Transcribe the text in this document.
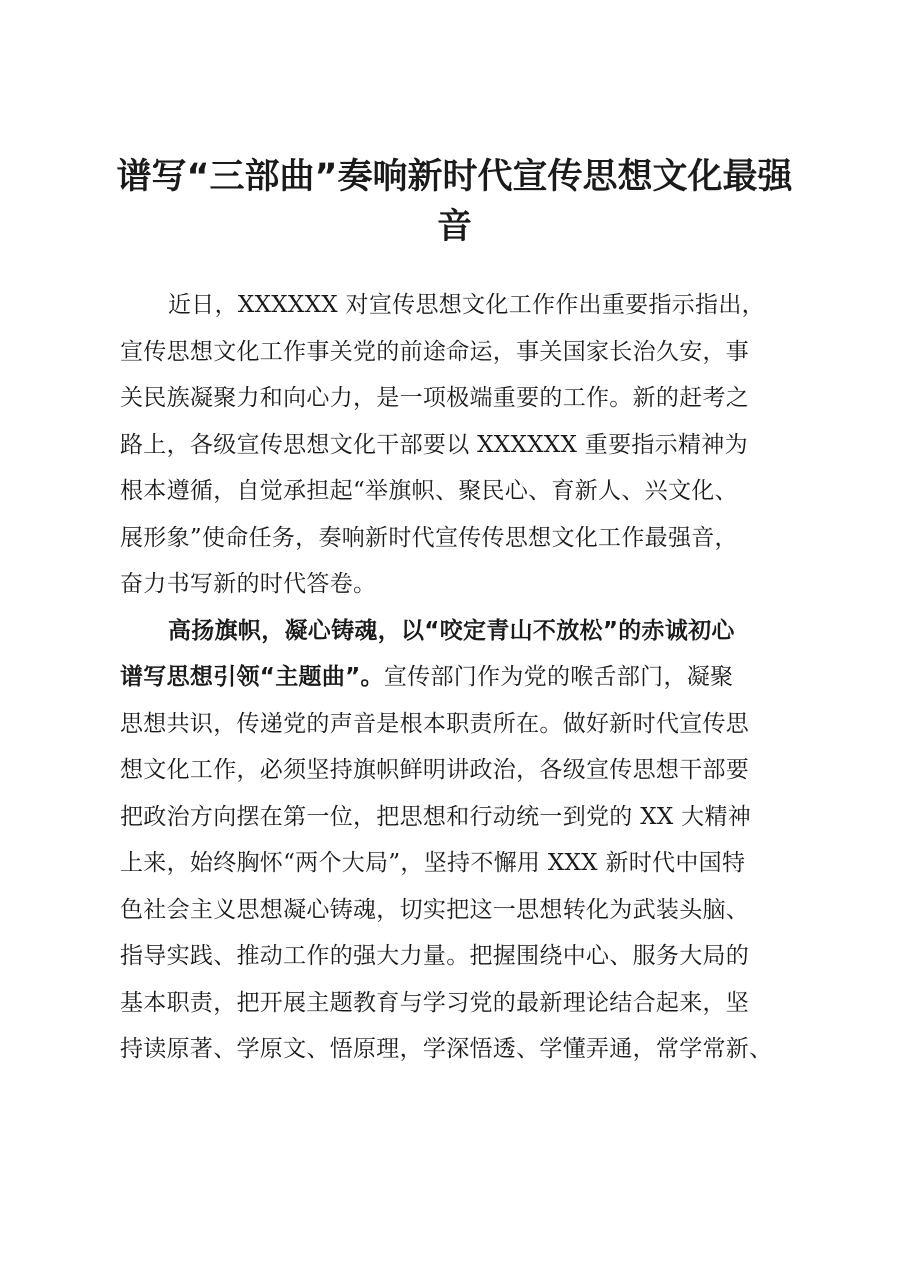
谱写“三部曲”奏响新时代宣传思想文化最强
音
近日，XXXXXX 对宣传思想文化工作作出重要指示指出，
宣传思想文化工作事关党的前途命运，事关国家长治久安，事
关民族凝聚力和向心力，是一项极端重要的工作。新的赶考之
路上，各级宣传思想文化干部要以 XXXXXX 重要指示精神为
根本遵循，自觉承担起“举旗帜、聚民心、育新人、兴文化、
展形象”使命任务，奏响新时代宣传传思想文化工作最强音，
奋力书写新的时代答卷。
高扬旗帜，凝心铸魂，以“咬定青山不放松”的赤诚初心
谱写思想引领“主题曲”。宣传部门作为党的喉舌部门，凝聚
思想共识，传递党的声音是根本职责所在。做好新时代宣传思
想文化工作，必须坚持旗帜鲜明讲政治，各级宣传思想干部要
把政治方向摆在第一位，把思想和行动统一到党的 XX 大精神
上来，始终胸怀“两个大局”，坚持不懈用 XXX 新时代中国特
色社会主义思想凝心铸魂，切实把这一思想转化为武装头脑、
指导实践、推动工作的强大力量。把握围绕中心、服务大局的
基本职责，把开展主题教育与学习党的最新理论结合起来，坚
持读原著、学原文、悟原理，学深悟透、学懂弄通，常学常新、
